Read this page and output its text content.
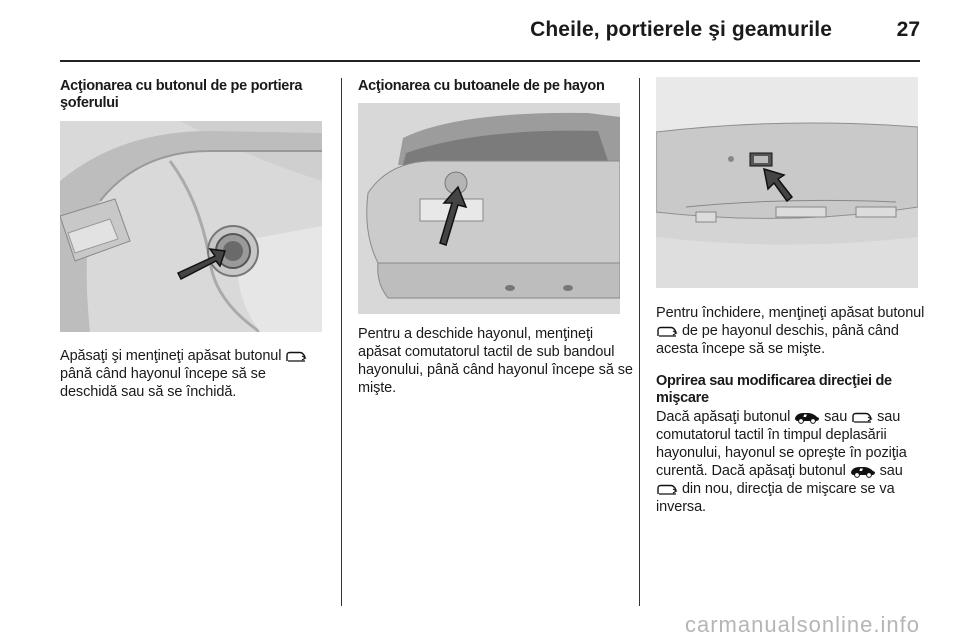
Cheile, portierele şi geamurile	27
Acţionarea cu butonul de pe portiera şoferului

Apăsaţi şi menţineţi apăsat butonul  până când hayonul începe să se deschidă sau să se închidă.

Acţionarea cu butoanele de pe hayon

Pentru a deschide hayonul, menţineţi apăsat comutatorul tactil de sub bandoul hayonului, până când hayonul începe să se mişte.

Pentru închidere, menţineţi apăsat butonul  de pe hayonul deschis, până când acesta începe să se mişte.

Oprirea sau modificarea direcţiei de mişcare

Dacă apăsaţi butonul sau sau comutatorul tactil în timpul deplasării hayonului, hayonul se opreşte în poziţia curentă. Dacă apăsaţi butonul sau  din nou, direcţia de mişcare se va inversa.

carmanualsonline.info
